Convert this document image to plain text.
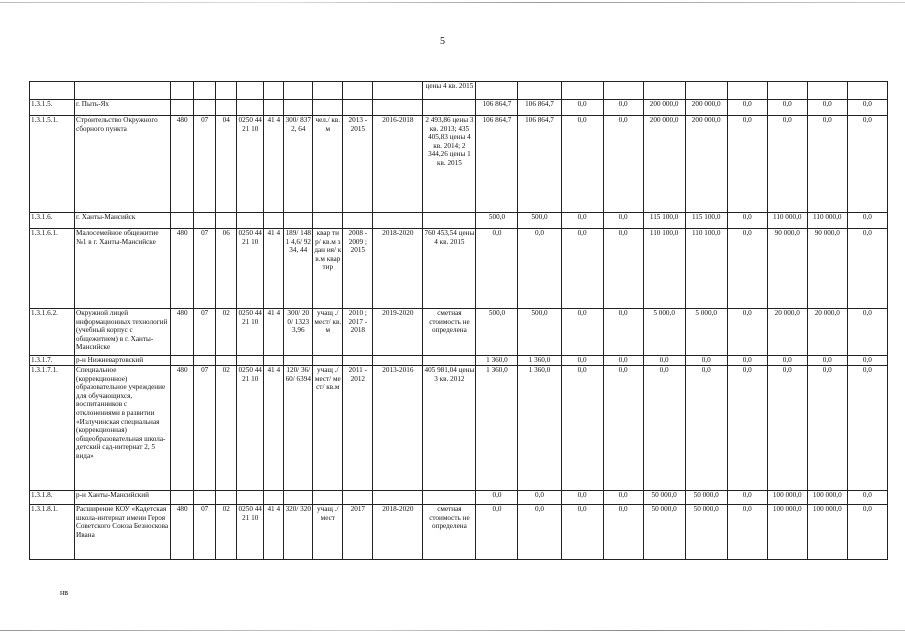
5
											цены 4 кв. 2015										
1.3.1.5.	г. Пыть-Ях											106 864,7	106 864,7	0,0	0,0	200 000,0	200 000,0	0,0	0,0	0,0	0,0
1.3.1.5.1.	Строительство Окружного сборного пункта	480	07	04	0250 4421 10	41 4	300/ 8372, 64	чел./ кв.м	2013 - 2015	2016-2018	2 493,86 цены 3 кв. 2013; 435 405,83 цены 4 кв. 2014; 2 344,26 цены 1 кв. 2015	106 864,7	106 864,7	0,0	0,0	200 000,0	200 000,0	0,0	0,0	0,0	0,0
1.3.1.6.	г. Ханты-Мансийск											500,0	500,0	0,0	0,0	115 100,0	115 100,0	0,0	110 000,0	110 000,0	0,0
1.3.1.6.1.	Малосемейное общежитие №1 в г. Ханты-Мансийске	480	07	06	0250 4421 10	41 4	189/ 1481 4,6/ 9234, 44	квар тир/ кв.м здан ия/ кв.м квар тир	2008 - 2009 ; 2015	2018-2020	760 453,54 цены 4 кв. 2015	0,0	0,0	0,0	0,0	110 100,0	110 100,0	0,0	90 000,0	90 000,0	0,0
1.3.1.6.2.	Окружной лицей информационных технологий (учебный корпус с общежитием) в г. Ханты-Мансийске	480	07	02	0250 4421 10	41 4	300/ 200/ 1323 3,96	учащ ./ мест/ кв.м	2010 ; 2017 - 2018	2019-2020	сметная стоимость не определена	500,0	500,0	0,0	0,0	5 000,0	5 000,0	0,0	20 000,0	20 000,0	0,0
1.3.1.7.	р-н Нижневартовский											1 360,0	1 360,0	0,0	0,0	0,0	0,0	0,0	0,0	0,0	0,0
1.3.1.7.1.	Специальное (коррекционное) образовательное учреждение для обучающихся, воспитанников с отклонениями в развитии «Излучинская специальная (коррекционная) общеобразовательная школа-детский сад-интернат 2, 5 вида»	480	07	02	0250 4421 10	41 4	120/ 36/ 60/ 6394	учащ ./ мест/ мест/ кв.м	2011 - 2012	2013-2016	405 981,04 цены 3 кв. 2012	1 360,0	1 360,0	0,0	0,0	0,0	0,0	0,0	0,0	0,0	0,0
1.3.1.8.	р-н Ханты-Мансийский											0,0	0,0	0,0	0,0	50 000,0	50 000,0	0,0	100 000,0	100 000,0	0,0
1.3.1.8.1.	Расширение КОУ «Кадетская школа-интернат имени Героя Советского Союза Безноскова Ивана	480	07	02	0250 4421 10	41 4	320/ 320	учащ ./ мест	2017	2018-2020	сметная стоимость не определена	0,0	0,0	0,0	0,0	50 000,0	50 000,0	0,0	100 000,0	100 000,0	0,0
нв
